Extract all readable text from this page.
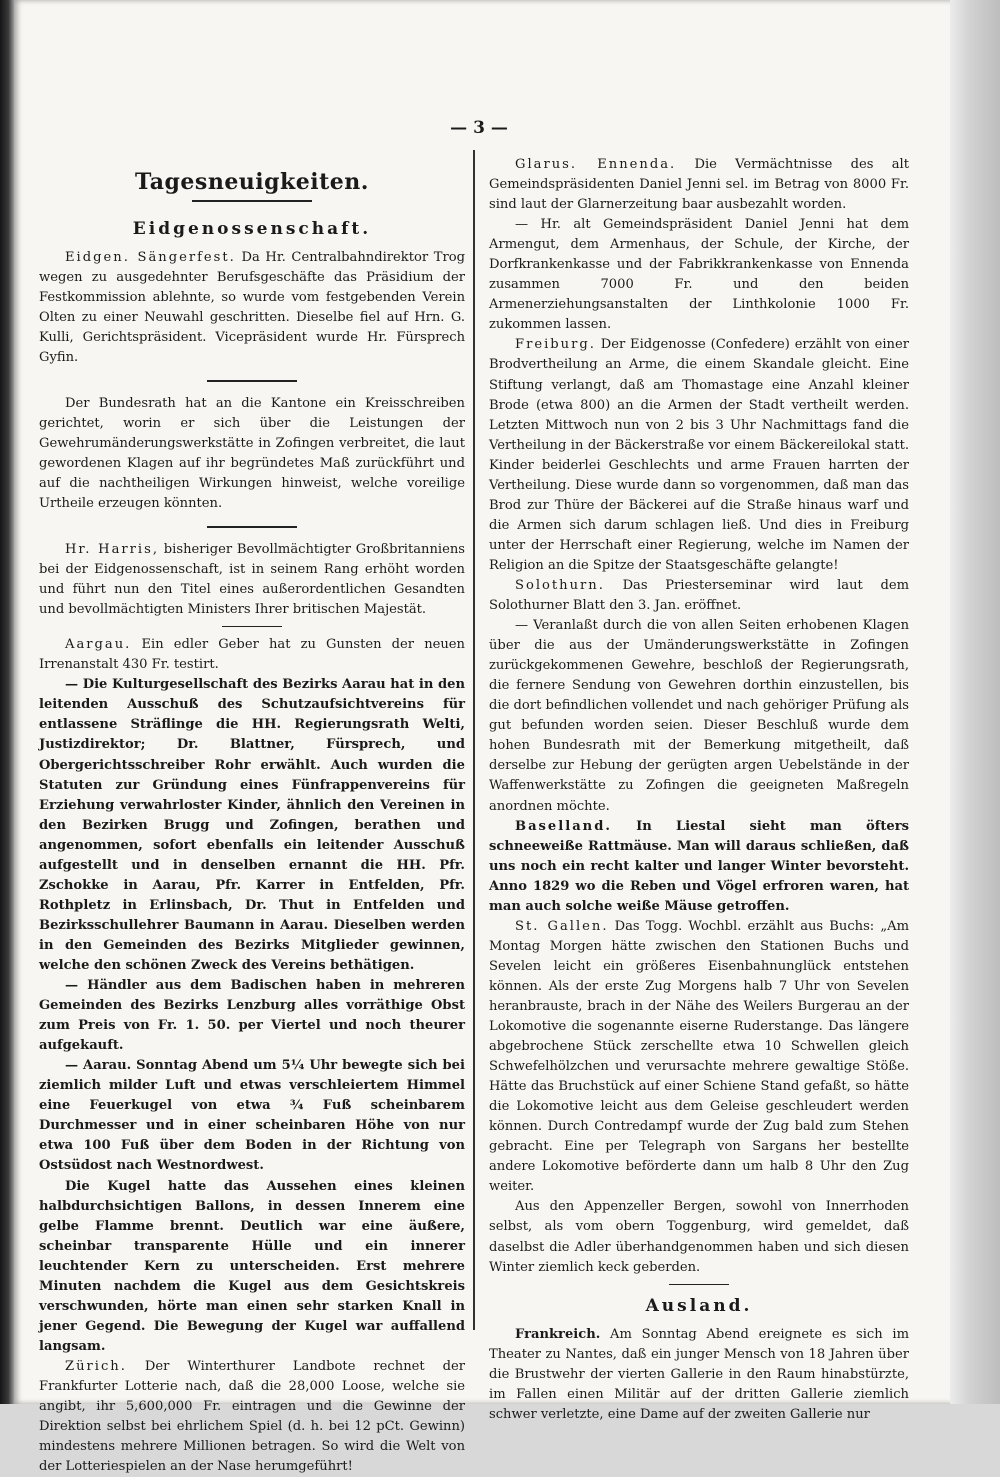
— 3 —
Tagesneuigkeiten.
Eidgenossenschaft.

Eidgen. Sängerfest. Da Hr. Centralbahndirektor Trog wegen zu ausgedehnter Berufsgeschäfte das Präsidium der Festkommission ablehnte, so wurde vom festgebenden Verein Olten zu einer Neuwahl geschritten. Dieselbe fiel auf Hrn. G. Kulli, Gerichtspräsident. Vicepräsident wurde Hr. Fürsprech Gyfin.

Der Bundesrath hat an die Kantone ein Kreisschreiben gerichtet, worin er sich über die Leistungen der Gewehrumänderungswerkstätte in Zofingen verbreitet, die laut gewordenen Klagen auf ihr begründetes Maß zurückführt und auf die nachtheiligen Wirkungen hinweist, welche voreilige Urtheile erzeugen könnten.

Hr. Harris, bisheriger Bevollmächtigter Großbritanniens bei der Eidgenossenschaft, ist in seinem Rang erhöht worden und führt nun den Titel eines außerordentlichen Gesandten und bevollmächtigten Ministers Ihrer britischen Majestät.

Aargau. Ein edler Geber hat zu Gunsten der neuen Irrenanstalt 430 Fr. testirt.

— Die Kulturgesellschaft des Bezirks Aarau hat in den leitenden Ausschuß des Schutzaufsichtvereins für entlassene Sträflinge die HH. Regierungsrath Welti, Justizdirektor; Dr. Blattner, Fürsprech, und Obergerichtsschreiber Rohr erwählt. Auch wurden die Statuten zur Gründung eines Fünfrappenvereins für Erziehung verwahrloster Kinder, ähnlich den Vereinen in den Bezirken Brugg und Zofingen, berathen und angenommen, sofort ebenfalls ein leitender Ausschuß aufgestellt und in denselben ernannt die HH. Pfr. Zschokke in Aarau, Pfr. Karrer in Entfelden, Pfr. Rothpletz in Erlinsbach, Dr. Thut in Entfelden und Bezirksschullehrer Baumann in Aarau. Dieselben werden in den Gemeinden des Bezirks Mitglieder gewinnen, welche den schönen Zweck des Vereins bethätigen.

— Händler aus dem Badischen haben in mehreren Gemeinden des Bezirks Lenzburg alles vorräthige Obst zum Preis von Fr. 1. 50. per Viertel und noch theurer aufgekauft.

— Aarau. Sonntag Abend um 5¼ Uhr bewegte sich bei ziemlich milder Luft und etwas verschleiertem Himmel eine Feuerkugel von etwa ¾ Fuß scheinbarem Durchmesser und in einer scheinbaren Höhe von nur etwa 100 Fuß über dem Boden in der Richtung von Ostsüdost nach Westnordwest.

Die Kugel hatte das Aussehen eines kleinen halbdurchsichtigen Ballons, in dessen Innerem eine gelbe Flamme brennt. Deutlich war eine äußere, scheinbar transparente Hülle und ein innerer leuchtender Kern zu unterscheiden. Erst mehrere Minuten nachdem die Kugel aus dem Gesichtskreis verschwunden, hörte man einen sehr starken Knall in jener Gegend. Die Bewegung der Kugel war auffallend langsam.

Zürich. Der Winterthurer Landbote rechnet der Frankfurter Lotterie nach, daß die 28,000 Loose, welche sie angibt, ihr 5,600,000 Fr. eintragen und die Gewinne der Direktion selbst bei ehrlichem Spiel (d. h. bei 12 pCt. Gewinn) mindestens mehrere Millionen betragen. So wird die Welt von der Lotteriespielen an der Nase herumgeführt!

Glarus. Ennenda. Die Vermächtnisse des alt Gemeindspräsidenten Daniel Jenni sel. im Betrag von 8000 Fr. sind laut der Glarnerzeitung baar ausbezahlt worden.

— Hr. alt Gemeindspräsident Daniel Jenni hat dem Armengut, dem Armenhaus, der Schule, der Kirche, der Dorfkrankenkasse und der Fabrikkrankenkasse von Ennenda zusammen 7000 Fr. und den beiden Armenerziehungsanstalten der Linthkolonie 1000 Fr. zukommen lassen.

Freiburg. Der Eidgenosse (Confedere) erzählt von einer Brodvertheilung an Arme, die einem Skandale gleicht. Eine Stiftung verlangt, daß am Thomastage eine Anzahl kleiner Brode (etwa 800) an die Armen der Stadt vertheilt werden. Letzten Mittwoch nun von 2 bis 3 Uhr Nachmittags fand die Vertheilung in der Bäckerstraße vor einem Bäckereilokal statt. Kinder beiderlei Geschlechts und arme Frauen harrten der Vertheilung. Diese wurde dann so vorgenommen, daß man das Brod zur Thüre der Bäckerei auf die Straße hinaus warf und die Armen sich darum schlagen ließ. Und dies in Freiburg unter der Herrschaft einer Regierung, welche im Namen der Religion an die Spitze der Staatsgeschäfte gelangte!

Solothurn. Das Priesterseminar wird laut dem Solothurner Blatt den 3. Jan. eröffnet.

— Veranlaßt durch die von allen Seiten erhobenen Klagen über die aus der Umänderungswerkstätte in Zofingen zurückgekommenen Gewehre, beschloß der Regierungsrath, die fernere Sendung von Gewehren dorthin einzustellen, bis die dort befindlichen vollendet und nach gehöriger Prüfung als gut befunden worden seien. Dieser Beschluß wurde dem hohen Bundesrath mit der Bemerkung mitgetheilt, daß derselbe zur Hebung der gerügten argen Uebelstände in der Waffenwerkstätte zu Zofingen die geeigneten Maßregeln anordnen möchte.

Baselland. In Liestal sieht man öfters schneeweiße Rattmäuse. Man will daraus schließen, daß uns noch ein recht kalter und langer Winter bevorsteht. Anno 1829 wo die Reben und Vögel erfroren waren, hat man auch solche weiße Mäuse getroffen.

St. Gallen. Das Togg. Wochbl. erzählt aus Buchs: „Am Montag Morgen hätte zwischen den Stationen Buchs und Sevelen leicht ein größeres Eisenbahnunglück entstehen können. Als der erste Zug Morgens halb 7 Uhr von Sevelen heranbrauste, brach in der Nähe des Weilers Burgerau an der Lokomotive die sogenannte eiserne Ruderstange. Das längere abgebrochene Stück zerschellte etwa 10 Schwellen gleich Schwefelhölzchen und verursachte mehrere gewaltige Stöße. Hätte das Bruchstück auf einer Schiene Stand gefaßt, so hätte die Lokomotive leicht aus dem Geleise geschleudert werden können. Durch Contredampf wurde der Zug bald zum Stehen gebracht. Eine per Telegraph von Sargans her bestellte andere Lokomotive beförderte dann um halb 8 Uhr den Zug weiter.

Aus den Appenzeller Bergen, sowohl von Innerrhoden selbst, als vom obern Toggenburg, wird gemeldet, daß daselbst die Adler überhandgenommen haben und sich diesen Winter ziemlich keck geberden.

Ausland.

Frankreich. Am Sonntag Abend ereignete es sich im Theater zu Nantes, daß ein junger Mensch von 18 Jahren über die Brustwehr der vierten Gallerie in den Raum hinabstürzte, im Fallen einen Militär auf der dritten Gallerie ziemlich schwer verletzte, eine Dame auf der zweiten Gallerie nur
